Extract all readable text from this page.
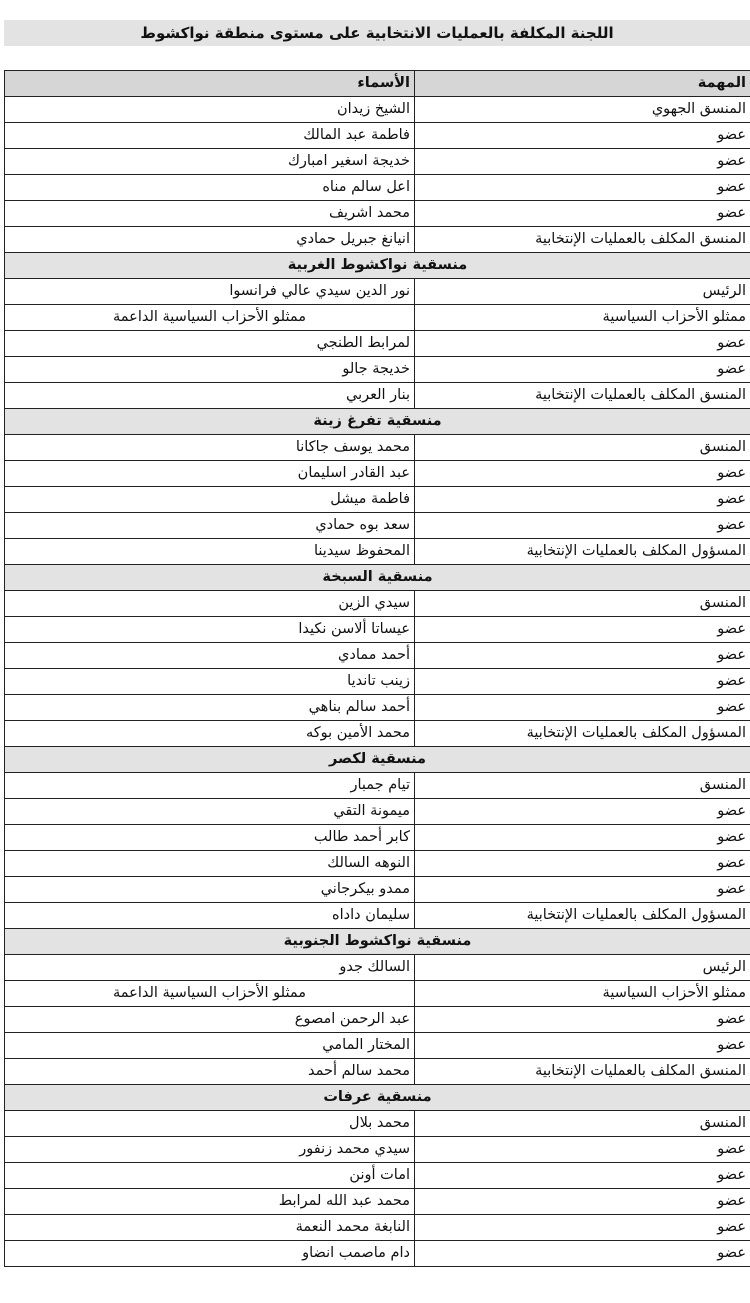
اللجنة المكلفة بالعمليات الانتخابية على مستوى منطقة نواكشوط
المهمة	الأسماء
المنسق الجهوي	الشيخ زيدان
عضو	فاطمة عبد المالك
عضو	خديجة اسغير امبارك
عضو	اعل سالم مناه
عضو	محمد اشريف
المنسق المكلف بالعمليات الإنتخابية	انيانغ جبريل حمادي
منسقية نواكشوط الغربية	
الرئيس	نور الدين سيدي عالي فرانسوا
ممثلو الأحزاب السياسية	ممثلو الأحزاب السياسية الداعمة
عضو	لمرابط الطنجي
عضو	خديجة جالو
المنسق المكلف بالعمليات الإنتخابية	بنار العربي
منسقية تفرغ زينة	
المنسق	محمد يوسف جاكانا
عضو	عبد القادر اسليمان
عضو	فاطمة ميشل
عضو	سعد بوه حمادي
المسؤول المكلف بالعمليات الإنتخابية	المحفوظ سيدينا
منسقية السبخة	
المنسق	سيدي الزين
عضو	عيساتا ألاسن نكيدا
عضو	أحمد ممادي
عضو	زينب تانديا
عضو	أحمد سالم بناهي
المسؤول المكلف بالعمليات الإنتخابية	محمد الأمين بوكه
منسقية لكصر	
المنسق	تيام جمبار
عضو	ميمونة التقي
عضو	كابر أحمد طالب
عضو	النوهه السالك
عضو	ممدو بيكرجاني
المسؤول المكلف بالعمليات الإنتخابية	سليمان داداه
منسقية نواكشوط الجنوبية	
الرئيس	السالك جدو
ممثلو الأحزاب السياسية	ممثلو الأحزاب السياسية الداعمة
عضو	عبد الرحمن امصوع
عضو	المختار المامي
المنسق المكلف بالعمليات الإنتخابية	محمد سالم أحمد
منسقية عرفات	
المنسق	محمد بلال
عضو	سيدي محمد زنفور
عضو	امات أونن
عضو	محمد عبد الله لمرابط
عضو	النابغة محمد النعمة
عضو	دام ماصمب انضاو
